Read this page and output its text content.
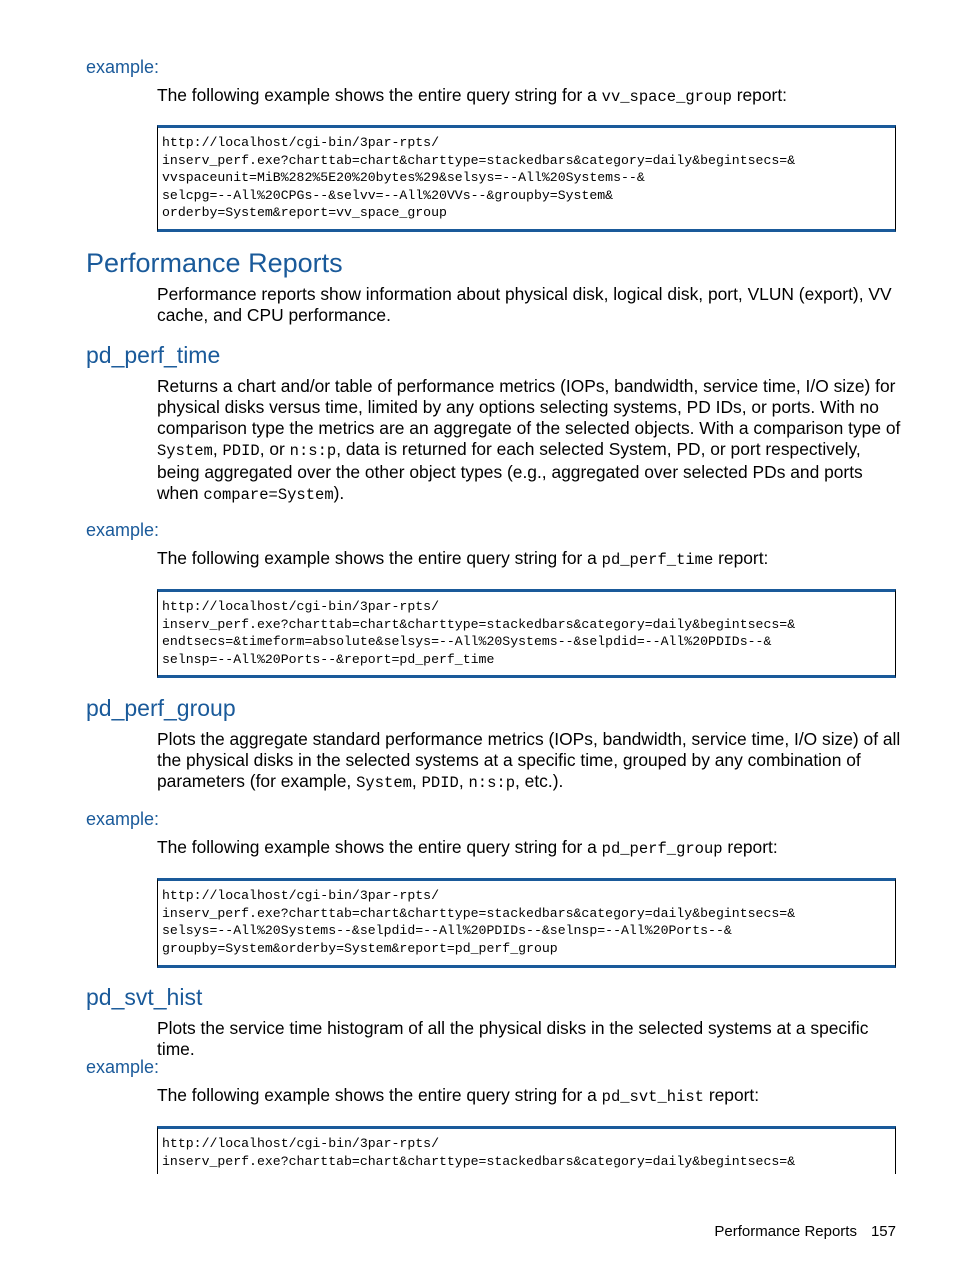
example:
The following example shows the entire query string for a vv_space_group report:
http://localhost/cgi-bin/3par-rpts/
inserv_perf.exe?charttab=chart&charttype=stackedbars&category=daily&begintsecs=&
vvspaceunit=MiB%282%5E20%20bytes%29&selsys=--All%20Systems--&
selcpg=--All%20CPGs--&selvv=--All%20VVs--&groupby=System&
orderby=System&report=vv_space_group
Performance Reports
Performance reports show information about physical disk, logical disk, port, VLUN (export), VV cache, and CPU performance.
pd_perf_time
Returns a chart and/or table of performance metrics (IOPs, bandwidth, service time, I/O size) for physical disks versus time, limited by any options selecting systems, PD IDs, or ports. With no comparison type the metrics are an aggregate of the selected objects. With a comparison type of System, PDID, or n:s:p, data is returned for each selected System, PD, or port respectively, being aggregated over the other object types (e.g., aggregated over selected PDs and ports when compare=System).
example:
The following example shows the entire query string for a pd_perf_time report:
http://localhost/cgi-bin/3par-rpts/
inserv_perf.exe?charttab=chart&charttype=stackedbars&category=daily&begintsecs=&
endtsecs=&timeform=absolute&selsys=--All%20Systems--&selpdid=--All%20PDIDs--&
selnsp=--All%20Ports--&report=pd_perf_time
pd_perf_group
Plots the aggregate standard performance metrics (IOPs, bandwidth, service time, I/O size) of all the physical disks in the selected systems at a specific time, grouped by any combination of parameters (for example, System, PDID, n:s:p, etc.).
example:
The following example shows the entire query string for a pd_perf_group report:
http://localhost/cgi-bin/3par-rpts/
inserv_perf.exe?charttab=chart&charttype=stackedbars&category=daily&begintsecs=&
selsys=--All%20Systems--&selpdid=--All%20PDIDs--&selnsp=--All%20Ports--&
groupby=System&orderby=System&report=pd_perf_group
pd_svt_hist
Plots the service time histogram of all the physical disks in the selected systems at a specific time.
example:
The following example shows the entire query string for a pd_svt_hist report:
http://localhost/cgi-bin/3par-rpts/
inserv_perf.exe?charttab=chart&charttype=stackedbars&category=daily&begintsecs=&
Performance Reports 157
